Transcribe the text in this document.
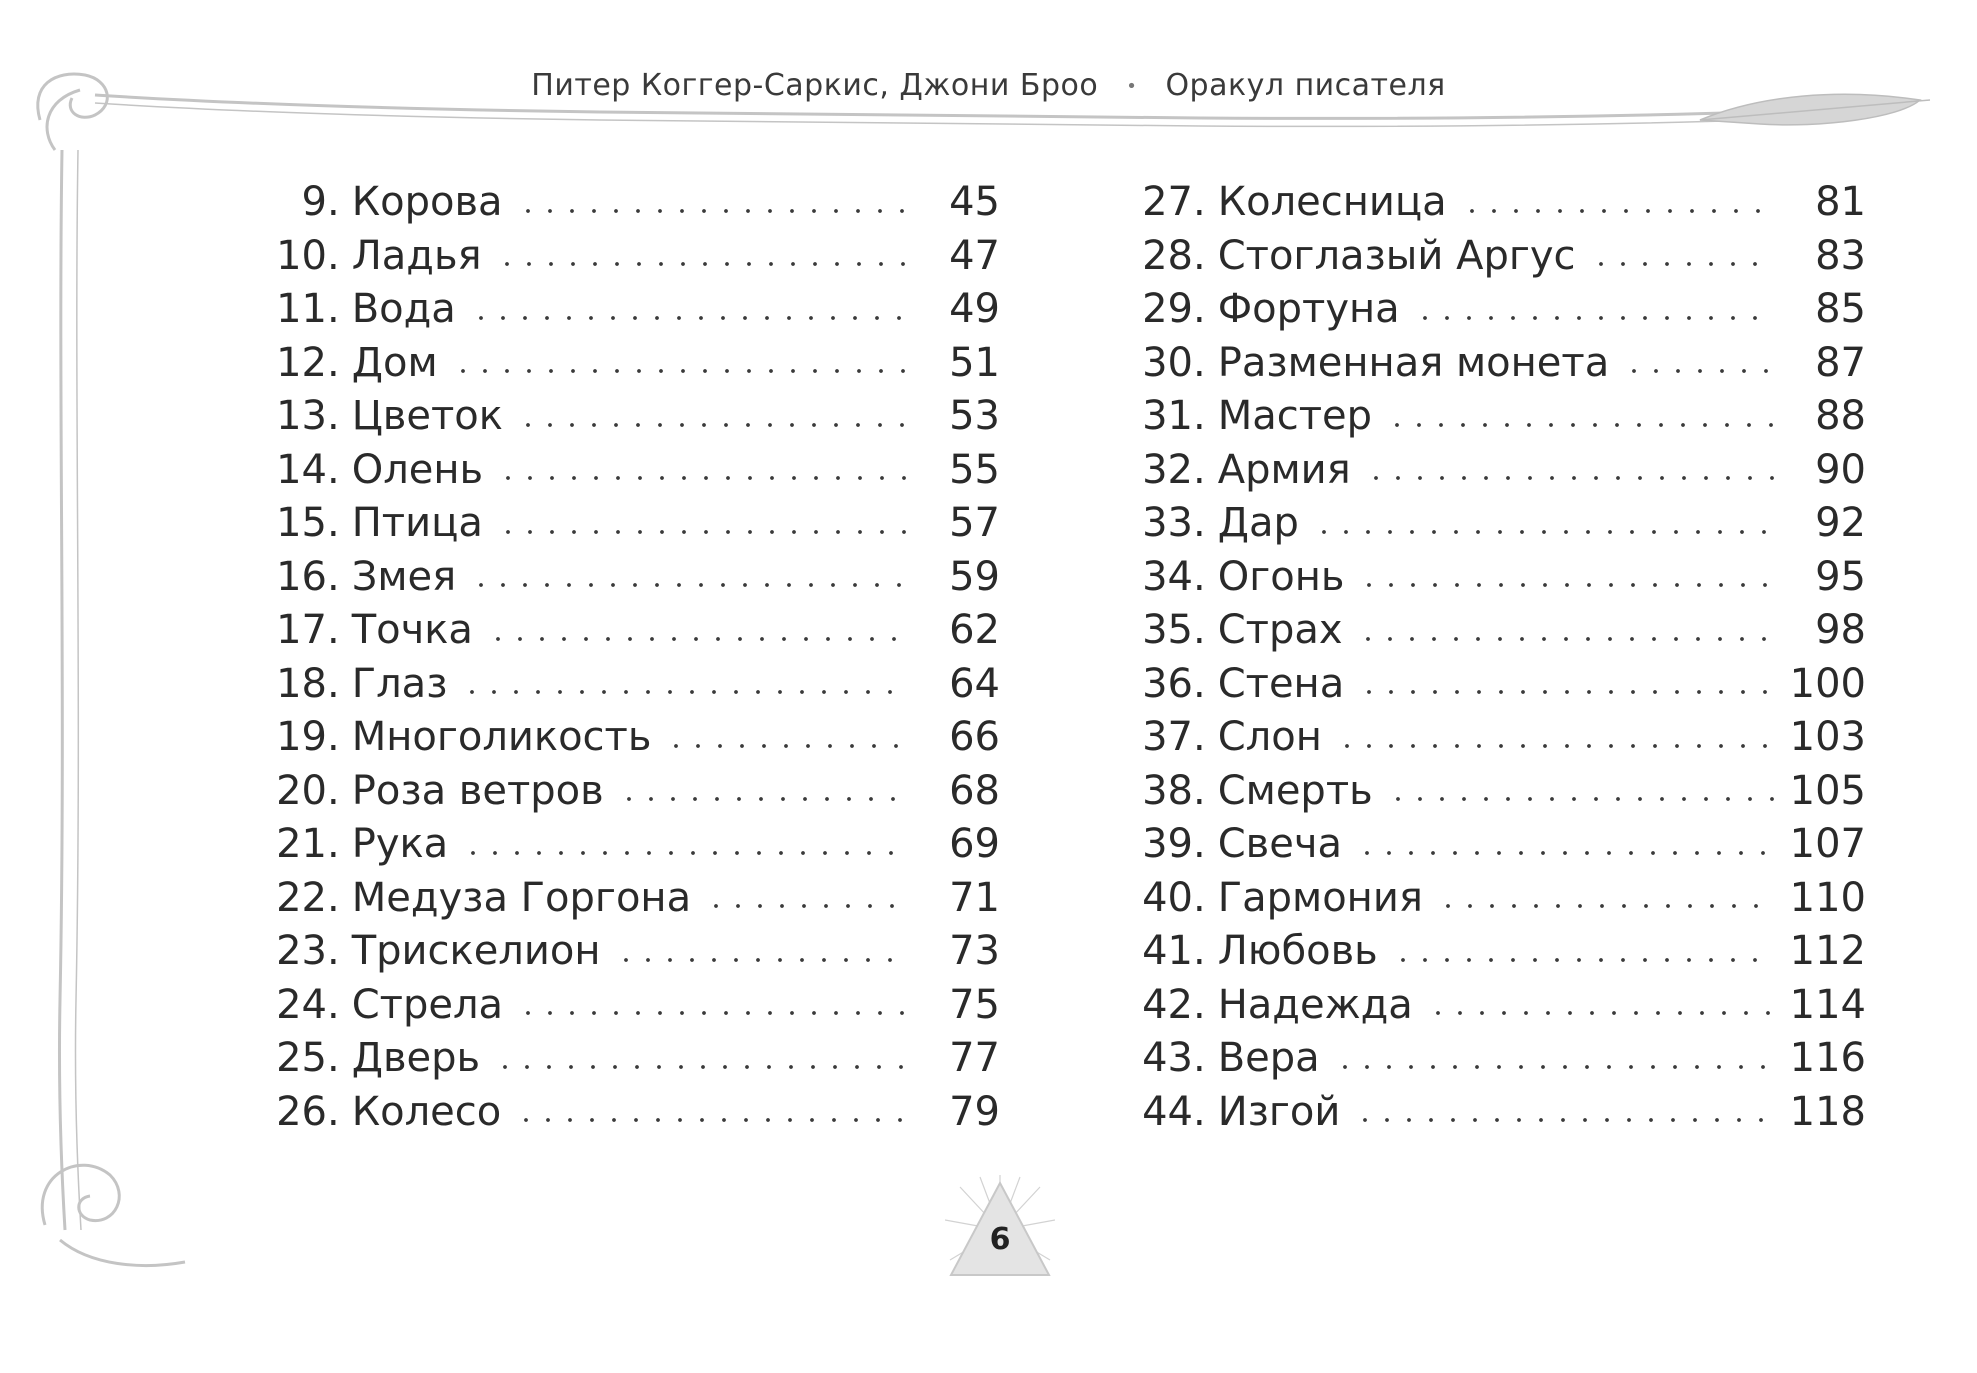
Питер Коггер-Саркис, Джони Броо • Оракул писателя
9 . Корова	45
10 . Ладья	47
11 . Вода	49
12 . Дом	51
13 . Цветок	53
14 . Олень	55
15 . Птица	57
16 . Змея	59
17 . Точка	62
18 . Глаз	64
19 . Многоликость	66
20 . Роза ветров	68
21 . Рука	69
22 . Медуза Горгона	71
23 . Трискелион	73
24 . Стрела	75
25 . Дверь	77
26 . Колесо	79
27 . Колесница	81
28 . Стоглазый Аргус	83
29 . Фортуна	85
30 . Разменная монета	87
31 . Мастер	88
32 . Армия	90
33 . Дар	92
34 . Огонь	95
35 . Страх	98
36 . Стена	100
37 . Слон	103
38 . Смерть	105
39 . Свеча	107
40 . Гармония	110
41 . Любовь	112
42 . Надежда	114
43 . Вера	116
44 . Изгой	118
6
